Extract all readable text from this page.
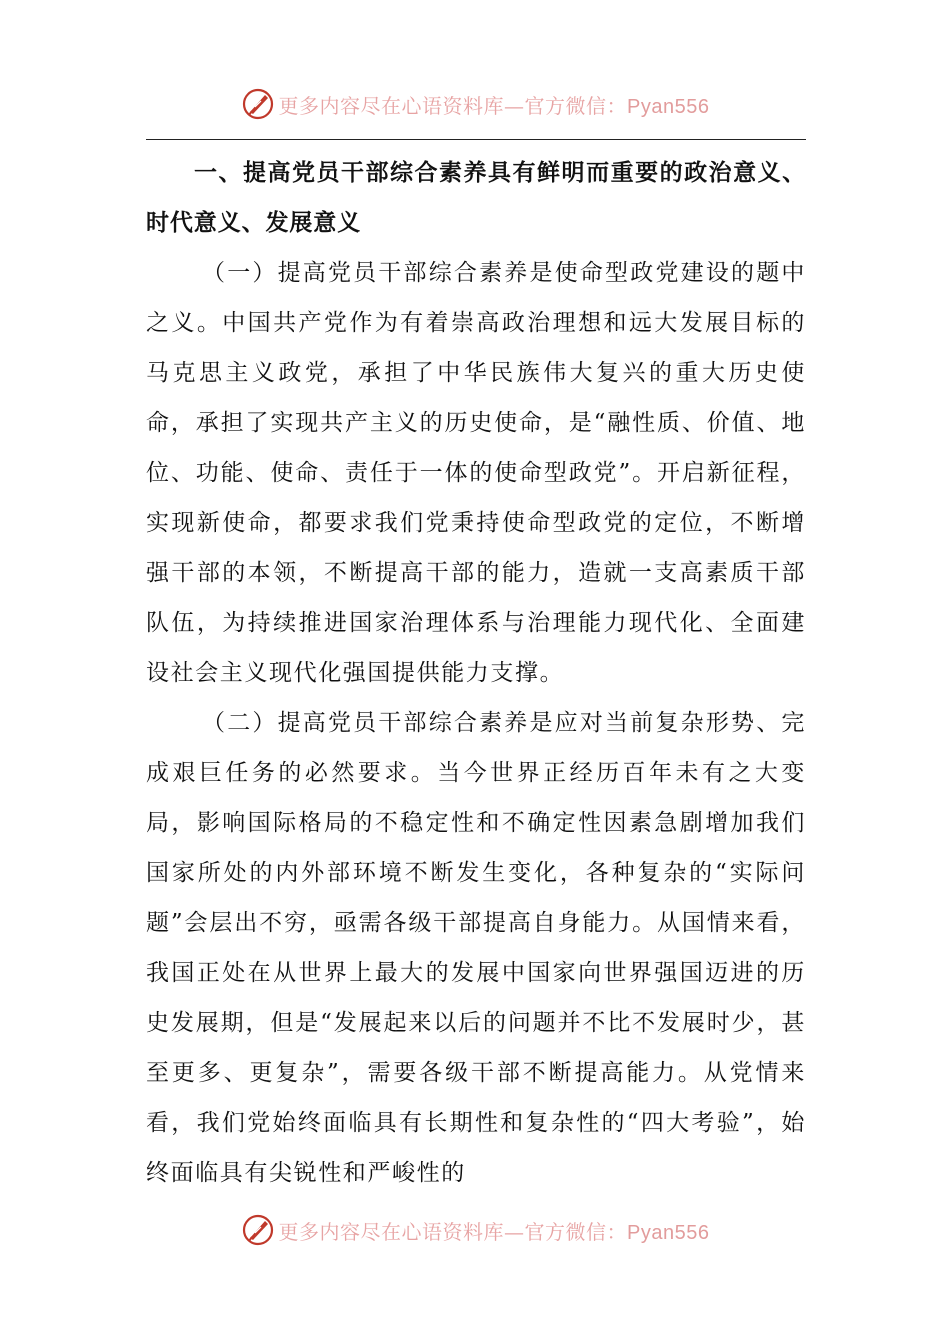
更多内容尽在心语资料库—官方微信：Pyan556

一、提高党员干部综合素养具有鲜明而重要的政治意义、时代意义、发展意义

（一）提高党员干部综合素养是使命型政党建设的题中之义。中国共产党作为有着崇高政治理想和远大发展目标的马克思主义政党，承担了中华民族伟大复兴的重大历史使命，承担了实现共产主义的历史使命，是“融性质、价值、地位、功能、使命、责任于一体的使命型政党”。开启新征程，实现新使命，都要求我们党秉持使命型政党的定位，不断增强干部的本领，不断提高干部的能力，造就一支高素质干部队伍，为持续推进国家治理体系与治理能力现代化、全面建设社会主义现代化强国提供能力支撑。

（二）提高党员干部综合素养是应对当前复杂形势、完成艰巨任务的必然要求。当今世界正经历百年未有之大变局，影响国际格局的不稳定性和不确定性因素急剧增加我们国家所处的内外部环境不断发生变化，各种复杂的“实际问题”会层出不穷，亟需各级干部提高自身能力。从国情来看，我国正处在从世界上最大的发展中国家向世界强国迈进的历史发展期，但是“发展起来以后的问题并不比不发展时少，甚至更多、更复杂”，需要各级干部不断提高能力。从党情来看，我们党始终面临具有长期性和复杂性的“四大考验”，始终面临具有尖锐性和严峻性的

更多内容尽在心语资料库—官方微信：Pyan556
